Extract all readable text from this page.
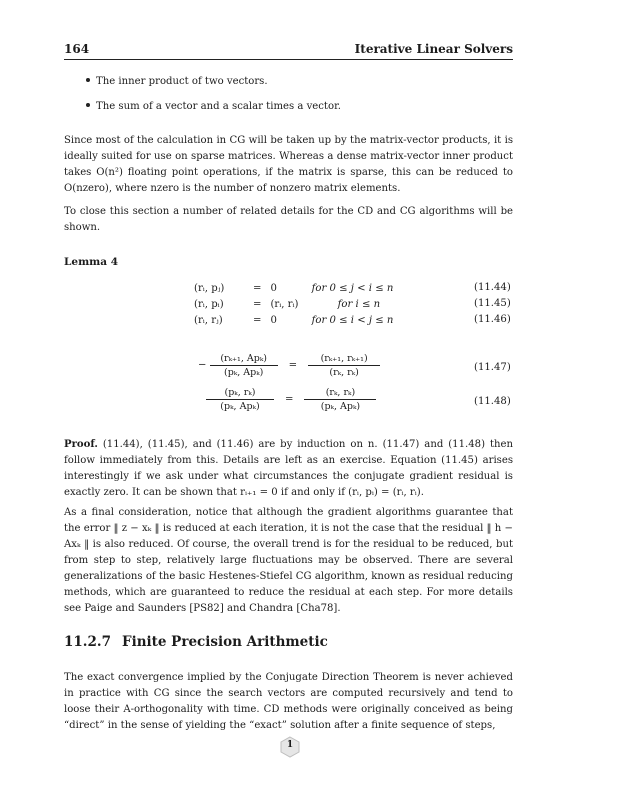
164	Iterative Linear Solvers
The inner product of two vectors.
The sum of a vector and a scalar times a vector.
Since most of the calculation in CG will be taken up by the matrix-vector products, it is ideally suited for use on sparse matrices. Whereas a dense matrix-vector inner product takes O(n²) floating point operations, if the matrix is sparse, this can be reduced to O(nzero), where nzero is the number of nonzero matrix elements.
To close this section a number of related details for the CD and CG algorithms will be shown.
Lemma 4
(rᵢ, pⱼ)	= 0	for 0 ≤ j < i ≤ n	(11.44)
(rᵢ, pᵢ)	= (rᵢ, rᵢ)	for i ≤ n	(11.45)
(rᵢ, rⱼ)	= 0	for 0 ≤ i < j ≤ n	(11.46)
− $\frac{\text{(rₖ₊₁, Apₖ)}}{\text{(pₖ, Apₖ)}} = \frac{\text{(rₖ₊₁, rₖ₊₁)}}{\text{(rₖ, rₖ)}}$	(11.47)
$\frac{\text{(pₖ, rₖ)}}{\text{(pₖ, Apₖ)}} = \frac{\text{(rₖ, rₖ)}}{\text{(pₖ, Apₖ)}}$	(11.48)
Proof. (11.44), (11.45), and (11.46) are by induction on n. (11.47) and (11.48) then follow immediately from this. Details are left as an exercise. Equation (11.45) arises interestingly if we ask under what circumstances the conjugate gradient residual is exactly zero. It can be shown that rᵢ₊₁ = 0 if and only if (rᵢ, pᵢ) = (rᵢ, rᵢ).
As a final consideration, notice that although the gradient algorithms guarantee that the error ‖ z − xₖ ‖ is reduced at each iteration, it is not the case that the residual ‖ h − Axₖ ‖ is also reduced. Of course, the overall trend is for the residual to be reduced, but from step to step, relatively large fluctuations may be observed. There are several generalizations of the basic Hestenes-Stiefel CG algorithm, known as residual reducing methods, which are guaranteed to reduce the residual at each step. For more details see Paige and Saunders [PS82] and Chandra [Cha78].
11.2.7 Finite Precision Arithmetic
The exact convergence implied by the Conjugate Direction Theorem is never achieved in practice with CG since the search vectors are computed recursively and tend to loose their A-orthogonality with time. CD methods were originally conceived as being “direct” in the sense of yielding the “exact” solution after a finite sequence of steps,
1
